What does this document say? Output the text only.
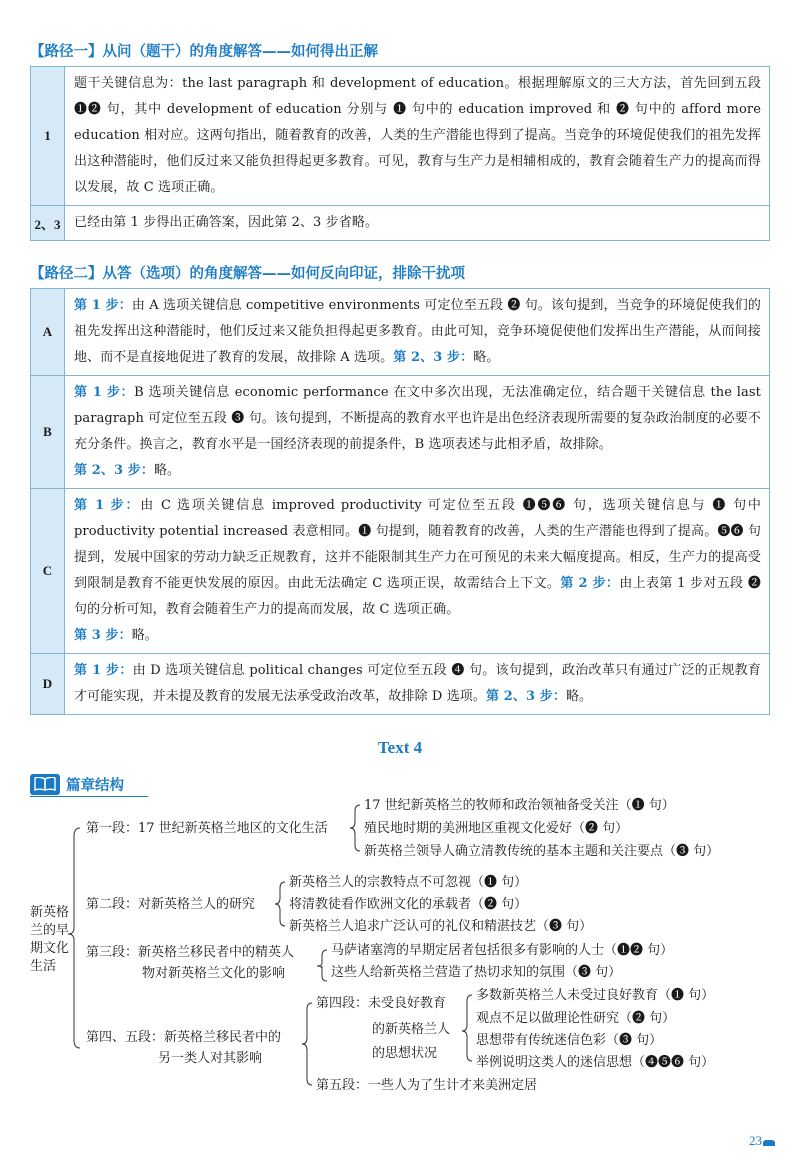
【路径一】从问（题干）的角度解答——如何得出正解
1	题干关键信息为：the last paragraph 和 development of education。根据理解原文的三大方法，首先回到五段 ❶❷ 句，其中 development of education 分别与 ❶ 句中的 education improved 和 ❷ 句中的 afford more education 相对应。这两句指出，随着教育的改善，人类的生产潜能也得到了提高。当竞争的环境促使我们的祖先发挥出这种潜能时，他们反过来又能负担得起更多教育。可见，教育与生产力是相辅相成的，教育会随着生产力的提高而得以发展，故 C 选项正确。
2、3	已经由第 1 步得出正确答案，因此第 2、3 步省略。
【路径二】从答（选项）的角度解答——如何反向印证，排除干扰项
A	第 1 步：由 A 选项关键信息 competitive environments 可定位至五段 ❷ 句。该句提到，当竞争的环境促使我们的祖先发挥出这种潜能时，他们反过来又能负担得起更多教育。由此可知，竞争环境促使他们发挥出生产潜能，从而间接地、而不是直接地促进了教育的发展，故排除 A 选项。第 2、3 步：略。
B	第 1 步：B 选项关键信息 economic performance 在文中多次出现，无法准确定位，结合题干关键信息 the last paragraph 可定位至五段 ❸ 句。该句提到，不断提高的教育水平也许是出色经济表现所需要的复杂政治制度的必要不充分条件。换言之，教育水平是一国经济表现的前提条件，B 选项表述与此相矛盾，故排除。
第 2、3 步：略。
C	第 1 步：由 C 选项关键信息 improved productivity 可定位至五段 ❶❺❻ 句，选项关键信息与 ❶ 句中 productivity potential increased 表意相同。❶ 句提到，随着教育的改善，人类的生产潜能也得到了提高。❺❻ 句提到，发展中国家的劳动力缺乏正规教育，这并不能限制其生产力在可预见的未来大幅度提高。相反，生产力的提高受到限制是教育不能更快发展的原因。由此无法确定 C 选项正误，故需结合上下文。第 2 步：由上表第 1 步对五段 ❷ 句的分析可知，教育会随着生产力的提高而发展，故 C 选项正确。
第 3 步：略。
D	第 1 步：由 D 选项关键信息 political changes 可定位至五段 ❹ 句。该句提到，政治改革只有通过广泛的正规教育才可能实现，并未提及教育的发展无法承受政治改革，故排除 D 选项。第 2、3 步：略。
Text 4
篇章结构
新英格
兰的早
期文化
生活
第一段：17 世纪新英格兰地区的文化生活
17 世纪新英格兰的牧师和政治领袖备受关注（❶ 句）
殖民地时期的美洲地区重视文化爱好（❷ 句）
新英格兰领导人确立清教传统的基本主题和关注要点（❸ 句）
第二段：对新英格兰人的研究
新英格兰人的宗教特点不可忽视（❶ 句）
将清教徒看作欧洲文化的承载者（❷ 句）
新英格兰人追求广泛认可的礼仪和精湛技艺（❸ 句）
第三段：新英格兰移民者中的精英人
物对新英格兰文化的影响
马萨诸塞湾的早期定居者包括很多有影响的人士（❶❷ 句）
这些人给新英格兰营造了热切求知的氛围（❸ 句）
第四、五段：新英格兰移民者中的
另一类人对其影响
第四段：未受良好教育
的新英格兰人
的思想状况
多数新英格兰人未受过良好教育（❶ 句）
观点不足以做理论性研究（❷ 句）
思想带有传统迷信色彩（❸ 句）
举例说明这类人的迷信思想（❹❺❻ 句）
第五段：一些人为了生计才来美洲定居
23
